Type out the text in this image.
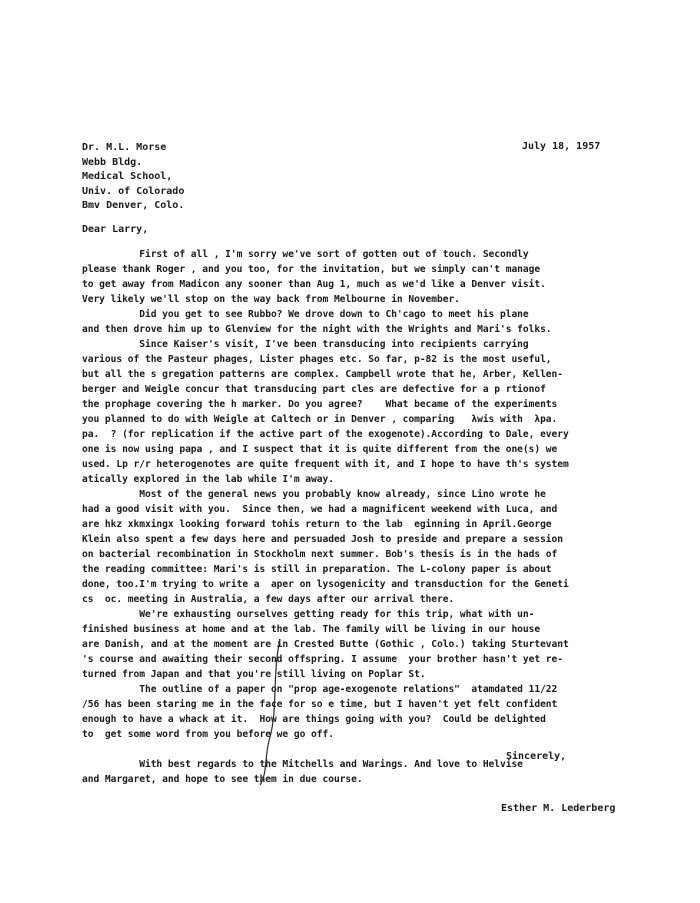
Dr. M.L. Morse
Webb Bldg.
Medical School,
Univ. of Colorado
Bmv Denver, Colo.
July 18, 1957
Dear Larry,
First of all , I'm sorry we've sort of gotten out of touch. Secondly
please thank Roger , and you too, for the invitation, but we simply can't manage
to get away from Madicon any sooner than Aug 1, much as we'd like a Denver visit.
Very likely we'll stop on the way back from Melbourne in November.
Did you get to see Rubbo? We drove down to Ch'cago to meet his plane
and then drove him up to Glenview for the night with the Wrights and Mari's folks.
Since Kaiser's visit, I've been transducing into recipients carrying
various of the Pasteur phages, Lister phages etc. So far, p-82 is the most useful,
but all the s gregation patterns are complex. Campbell wrote that he, Arber, Kellen-
berger and Weigle concur that transducing part cles are defective for a p rtionof
the prophage covering the h marker. Do you agree?    What became of the experiments
you planned to do with Weigle at Caltech or in Denver , comparing   λwis with  λpa.
pa.  ? (for replication if the active part of the exogenote).According to Dale, every
one is now using papa , and I suspect that it is quite different from the one(s) we
used. Lp r/r heterogenotes are quite frequent with it, and I hope to have th's system
atically explored in the lab while I'm away.
Most of the general news you probably know already, since Lino wrote he
had a good visit with you.  Since then, we had a magnificent weekend with Luca, and
are hkz xkmxingx looking forward tohis return to the lab  eginning in April.George
Klein also spent a few days here and persuaded Josh to preside and prepare a session
on bacterial recombination in Stockholm next summer. Bob's thesis is in the hads of
the reading committee: Mari's is still in preparation. The L-colony paper is about
done, too.I'm trying to write a  aper on lysogenicity and transduction for the Geneti
cs  oc. meeting in Australia, a few days after our arrival there.
We're exhausting ourselves getting ready for this trip, what with un-
finished business at home and at the lab. The family will be living in our house
are Danish, and at the moment are in Crested Butte (Gothic , Colo.) taking Sturtevant
's course and awaiting their second offspring. I assume  your brother hasn't yet re-
turned from Japan and that you're still living on Poplar St.
The outline of a paper on "prop age-exogenote relations"  atamdated 11/22
/56 has been staring me in the face for so e time, but I haven't yet felt confident
enough to have a whack at it.  How are things going with you?  Could be delighted
to  get some word from you before we go off.
With best regards to the Mitchells and Warings. And love to Helvise
and Margaret, and hope to see them in due course.
Sincerely,
Esther M. Lederberg
